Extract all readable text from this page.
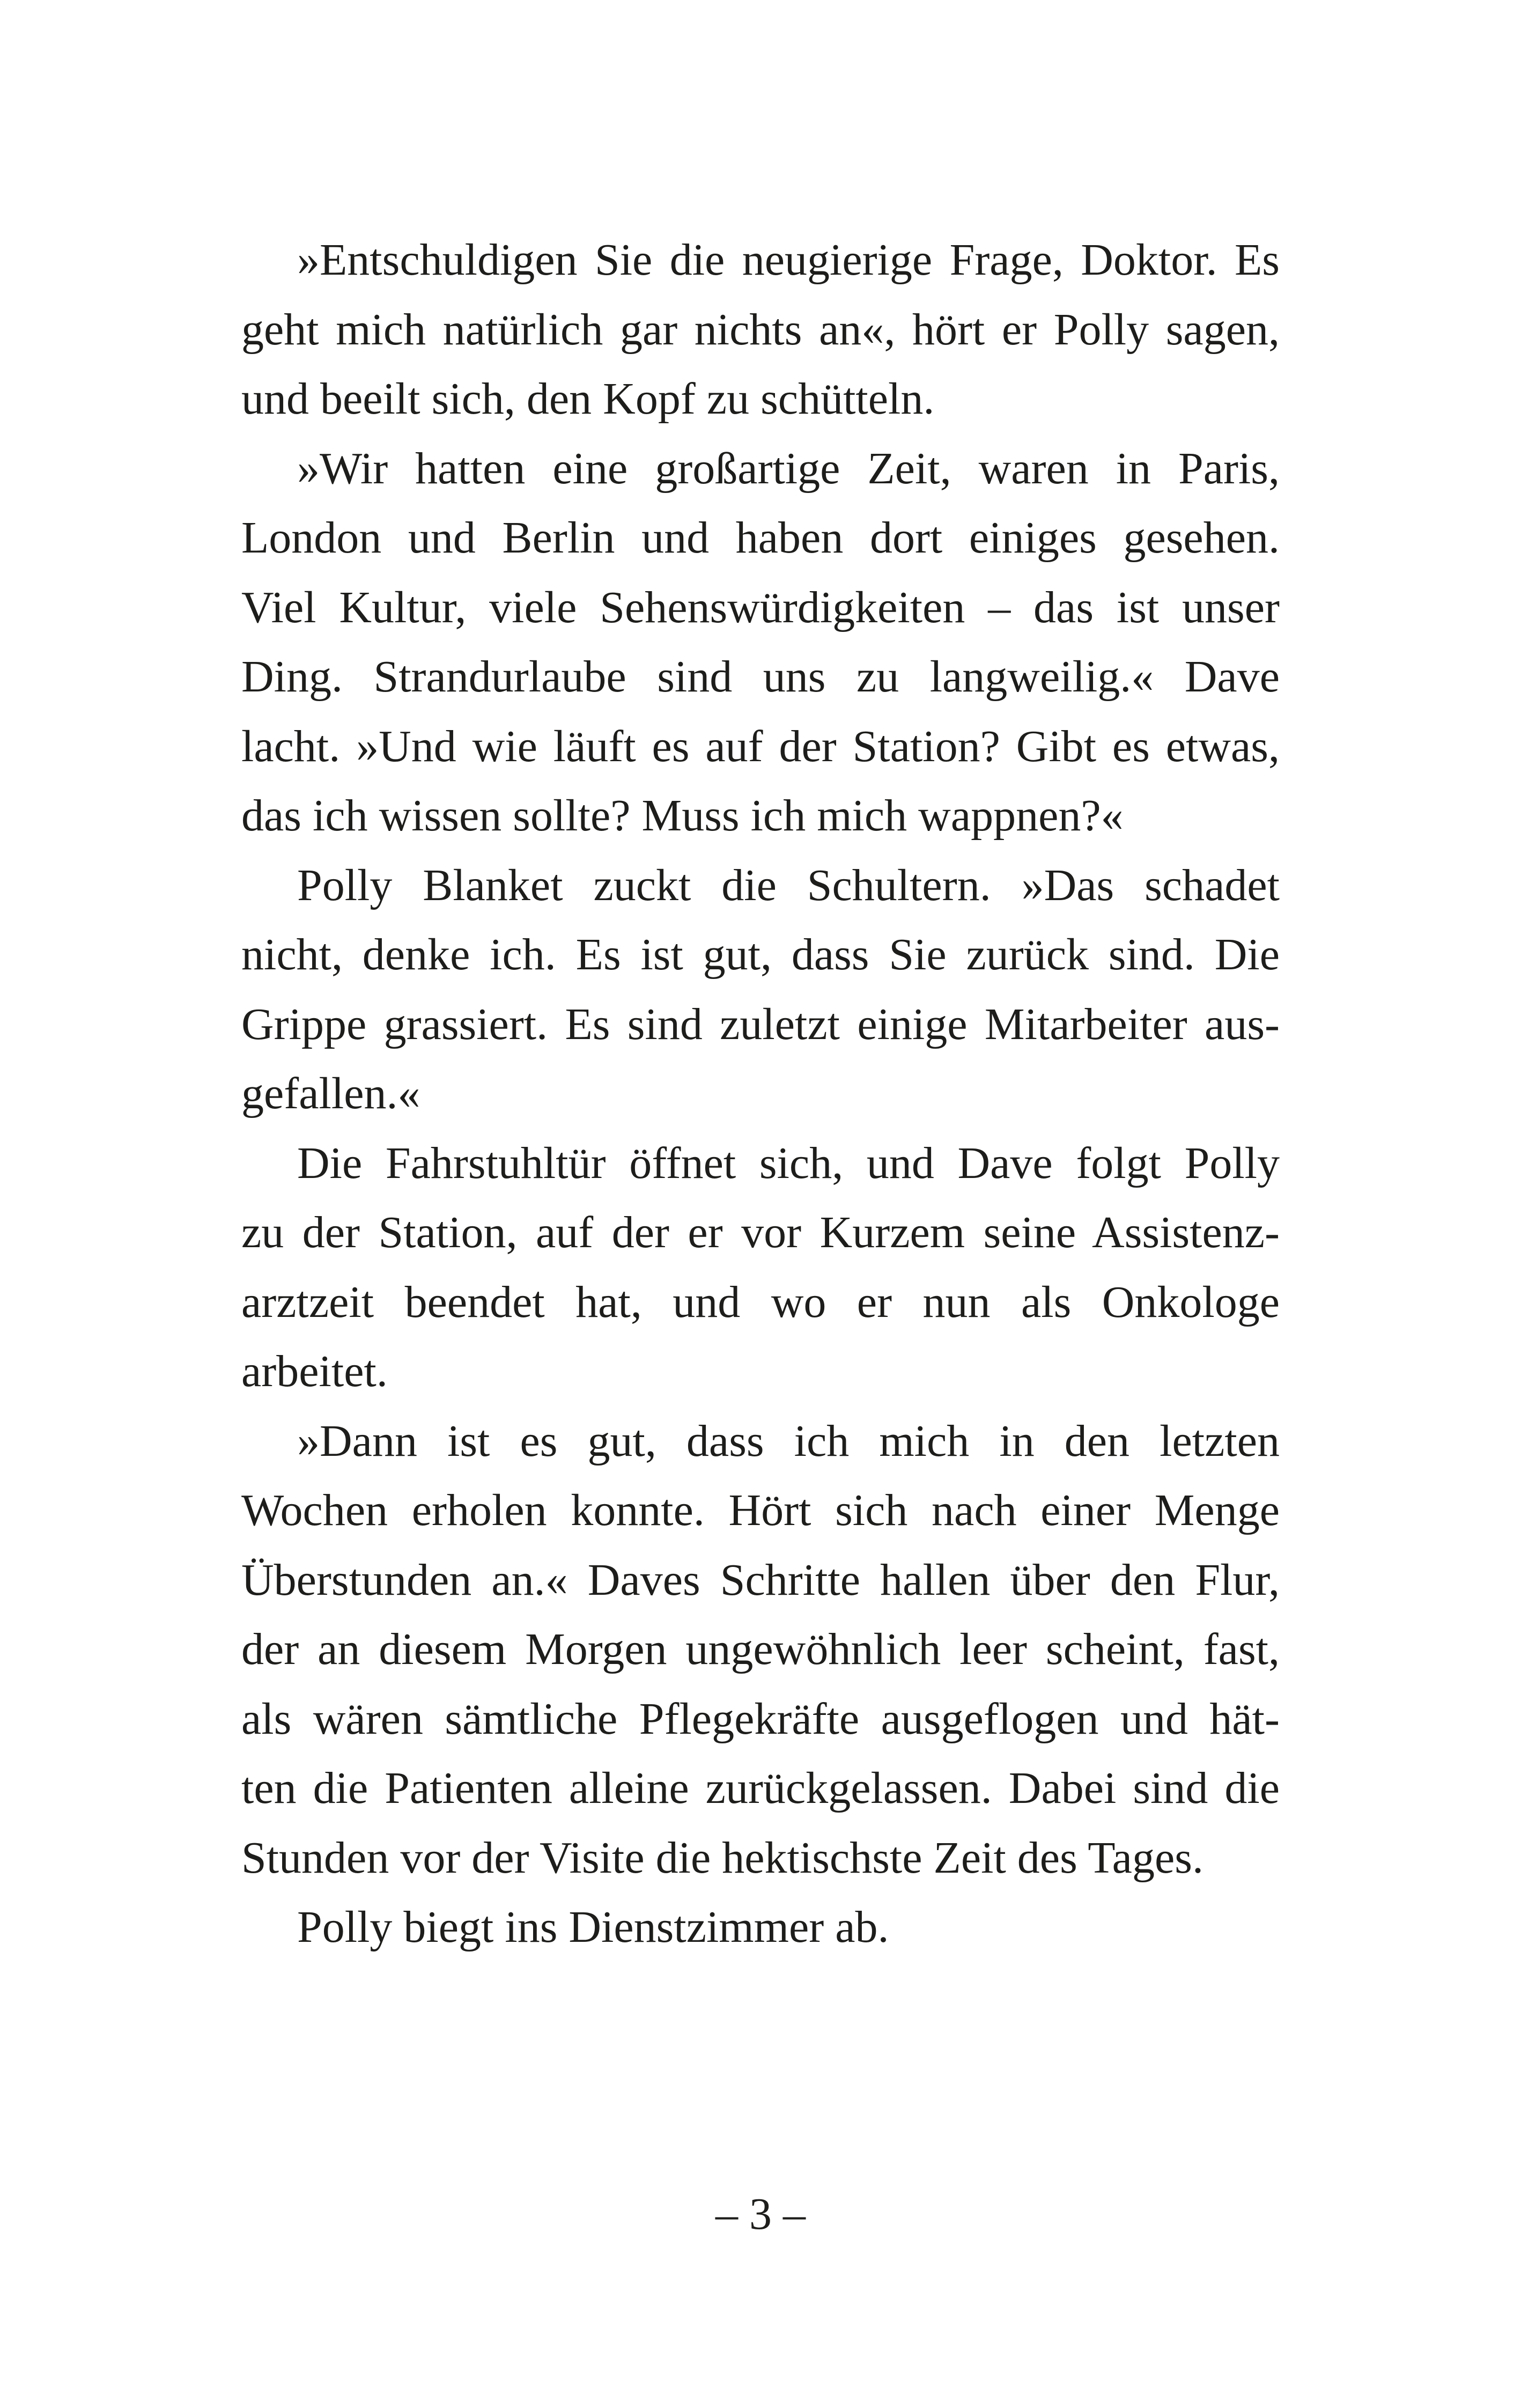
»Entschuldigen Sie die neugierige Frage, Doktor. Es
geht mich natürlich gar nichts an«, hört er Polly sagen,
und beeilt sich, den Kopf zu schütteln.
»Wir hatten eine großartige Zeit, waren in Paris,
London und Berlin und haben dort einiges gesehen.
Viel Kultur, viele Sehenswürdigkeiten – das ist unser
Ding. Strandurlaube sind uns zu langweilig.« Dave
lacht. »Und wie läuft es auf der Station? Gibt es etwas,
das ich wissen sollte? Muss ich mich wappnen?«
Polly Blanket zuckt die Schultern. »Das schadet
nicht, denke ich. Es ist gut, dass Sie zurück sind. Die
Grippe grassiert. Es sind zuletzt einige Mitarbeiter aus-
gefallen.«
Die Fahrstuhltür öffnet sich, und Dave folgt Polly
zu der Station, auf der er vor Kurzem seine Assistenz-
arztzeit beendet hat, und wo er nun als Onkologe
arbeitet.
»Dann ist es gut, dass ich mich in den letzten
Wochen erholen konnte. Hört sich nach einer Menge
Überstunden an.« Daves Schritte hallen über den Flur,
der an diesem Morgen ungewöhnlich leer scheint, fast,
als wären sämtliche Pflegekräfte ausgeflogen und hät-
ten die Patienten alleine zurückgelassen. Dabei sind die
Stunden vor der Visite die hektischste Zeit des Tages.
Polly biegt ins Dienstzimmer ab.
– 3 –
